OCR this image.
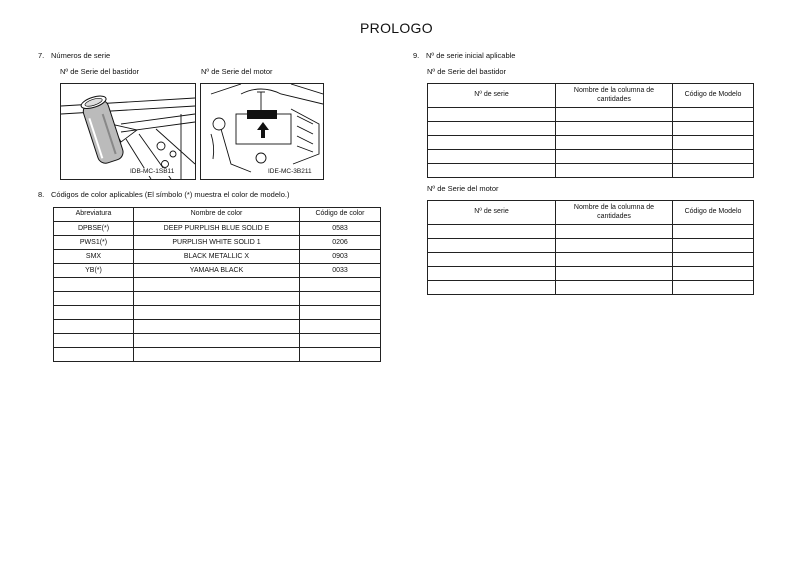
PROLOGO
7. Números de serie
Nº de Serie del bastidor	Nº de Serie del motor
IDB-MC-1SB11	IDE-MC-3B211
8. Códigos de color aplicables (El símbolo (*) muestra el color de modelo.)
Abreviatura	Nombre de color	Código de color
DPBSE(*)	DEEP PURPLISH BLUE SOLID E	0583
PWS1(*)	PURPLISH WHITE SOLID 1	0206
SMX	BLACK METALLIC X	0903
YB(*)	YAMAHA BLACK	0033

9. Nº de serie inicial aplicable
Nº de Serie del bastidor
Nº de serie	Nombre de la columna de cantidades	Código de Modelo

Nº de Serie del motor
Nº de serie	Nombre de la columna de cantidades	Código de Modelo
